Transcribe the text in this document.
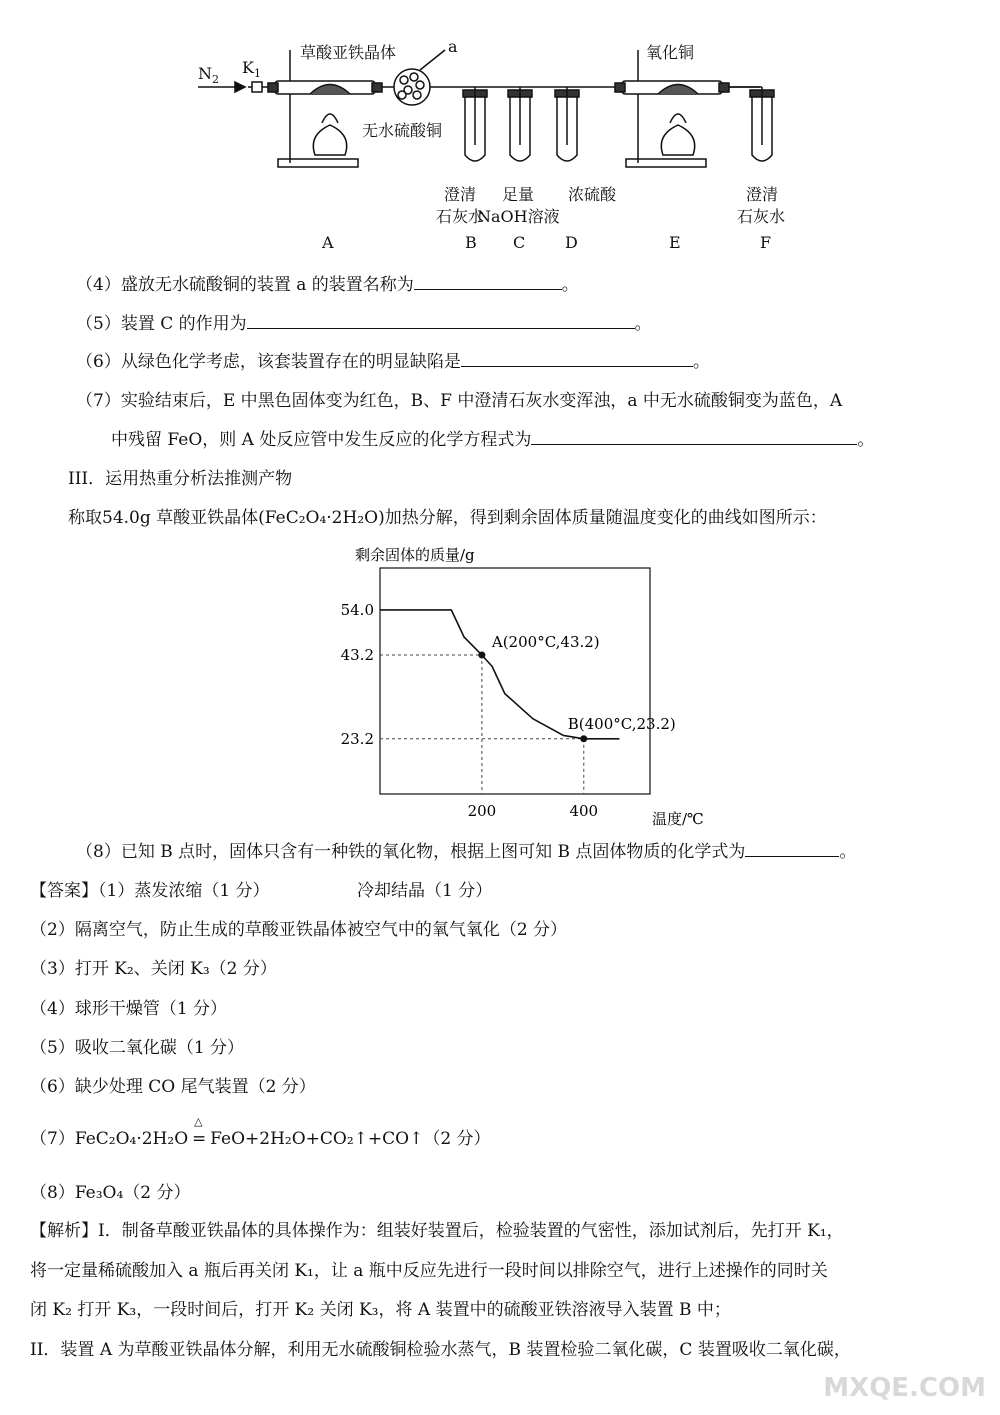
$N_2$
$K_1$
草酸亚铁晶体	a
无水硫酸铜
氧化铜
澄清
石灰水
足量
NaOH溶液
浓硫酸	澄清
石灰水
A	B C D	E	F
（4）盛放无水硫酸铜的装置 a 的装置名称为	。
（5）装置 C 的作用为	。
（6）从绿色化学考虑，该套装置存在的明显缺陷是	。
（7）实验结束后，E 中黑色固体变为红色，B、F 中澄清石灰水变浑浊，a 中无水硫酸铜变为蓝色，A
中残留 FeO，则 A 处反应管中发生反应的化学方程式为	。
III．运用热重分析法推测产物
称取54.0g 草酸亚铁晶体(FeC₂O₄·2H₂O)加热分解，得到剩余固体质量随温度变化的曲线如图所示：
剩余固体的质量/g
温度/℃
54.0
43.2
23.2
200	400
A(200°C,43.2)
B(400°C,23.2)
（8）已知 B 点时，固体只含有一种铁的氧化物，根据上图可知 B 点固体物质的化学式为	。
【答案】（1）蒸发浓缩（1 分）	冷却结晶（1 分）
（2）隔离空气，防止生成的草酸亚铁晶体被空气中的氧气氧化（2 分）
（3）打开 K₂、关闭 K₃（2 分）
（4）球形干燥管（1 分）
（5）吸收二氧化碳（1 分）
（6）缺少处理 CO 尾气装置（2 分）
（7）FeC₂O₄·2H₂O
△
= FeO+2H₂O+CO₂↑+CO↑（2 分）
（8）Fe₃O₄（2 分）
【解析】I．制备草酸亚铁晶体的具体操作为：组装好装置后，检验装置的气密性，添加试剂后，先打开 K₁，
将一定量稀硫酸加入 a 瓶后再关闭 K₁，让 a 瓶中反应先进行一段时间以排除空气，进行上述操作的同时关
闭 K₂ 打开 K₃，一段时间后，打开 K₂ 关闭 K₃，将 A 装置中的硫酸亚铁溶液导入装置 B 中；
II．装置 A 为草酸亚铁晶体分解，利用无水硫酸铜检验水蒸气，B 装置检验二氧化碳，C 装置吸收二氧化碳，
MXQE.COM
